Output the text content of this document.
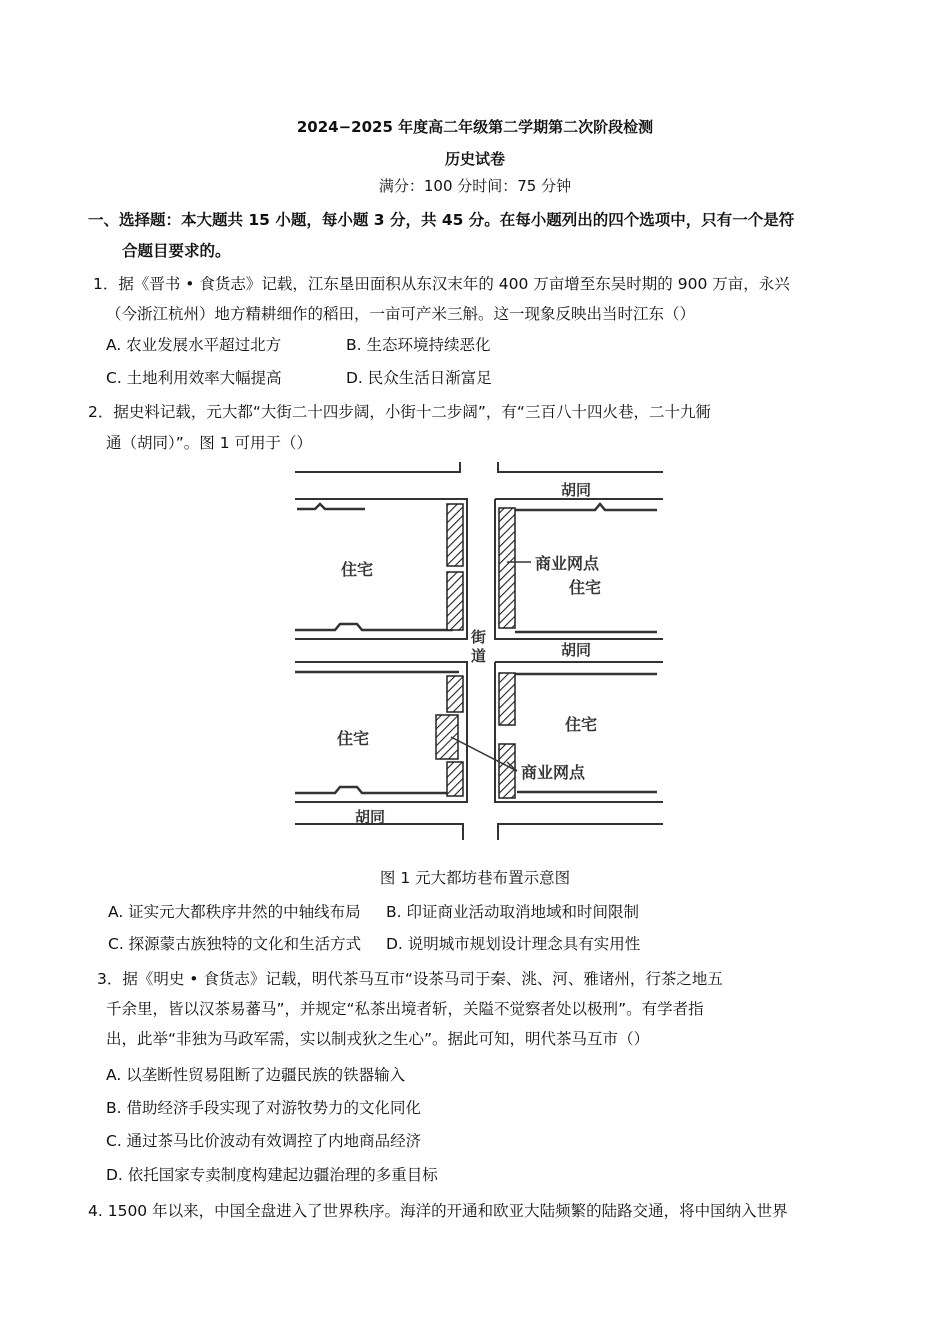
2024−2025 年度高二年级第二学期第二次阶段检测
历史试卷
满分：100 分时间：75 分钟
一、选择题：本大题共 15 小题，每小题 3 分，共 45 分。在每小题列出的四个选项中，只有一个是符
合题目要求的。
1．据《晋书 • 食货志》记载，江东垦田面积从东汉末年的 400 万亩增至东吴时期的 900 万亩，永兴
（今浙江杭州）地方精耕细作的稻田，一亩可产米三斛。这一现象反映出当时江东（）
A. 农业发展水平超过北方	B. 生态环境持续恶化
C. 土地利用效率大幅提高	D. 民众生活日渐富足
2．据史料记载，元大都“大街二十四步阔，小街十二步阔”，有“三百八十四火巷，二十九衕
通（胡同）”。图 1 可用于（）
胡同
住宅	商业网点
住宅
街
道	胡同
住宅
住宅
商业网点
胡同
图 1 元大都坊巷布置示意图
A. 证实元大都秩序井然的中轴线布局 B. 印证商业活动取消地域和时间限制
C. 探源蒙古族独特的文化和生活方式 D. 说明城市规划设计理念具有实用性
3．据《明史 • 食货志》记载，明代茶马互市“设茶马司于秦、洮、河、雅诸州，行茶之地五
千余里，皆以汉茶易蕃马”，并规定“私茶出境者斩，关隘不觉察者处以极刑”。有学者指
出，此举“非独为马政军需，实以制戎狄之生心”。据此可知，明代茶马互市（）
A. 以垄断性贸易阻断了边疆民族的铁器输入
B. 借助经济手段实现了对游牧势力的文化同化
C. 通过茶马比价波动有效调控了内地商品经济
D. 依托国家专卖制度构建起边疆治理的多重目标
4. 1500 年以来，中国全盘进入了世界秩序。海洋的开通和欧亚大陆频繁的陆路交通，将中国纳入世界
